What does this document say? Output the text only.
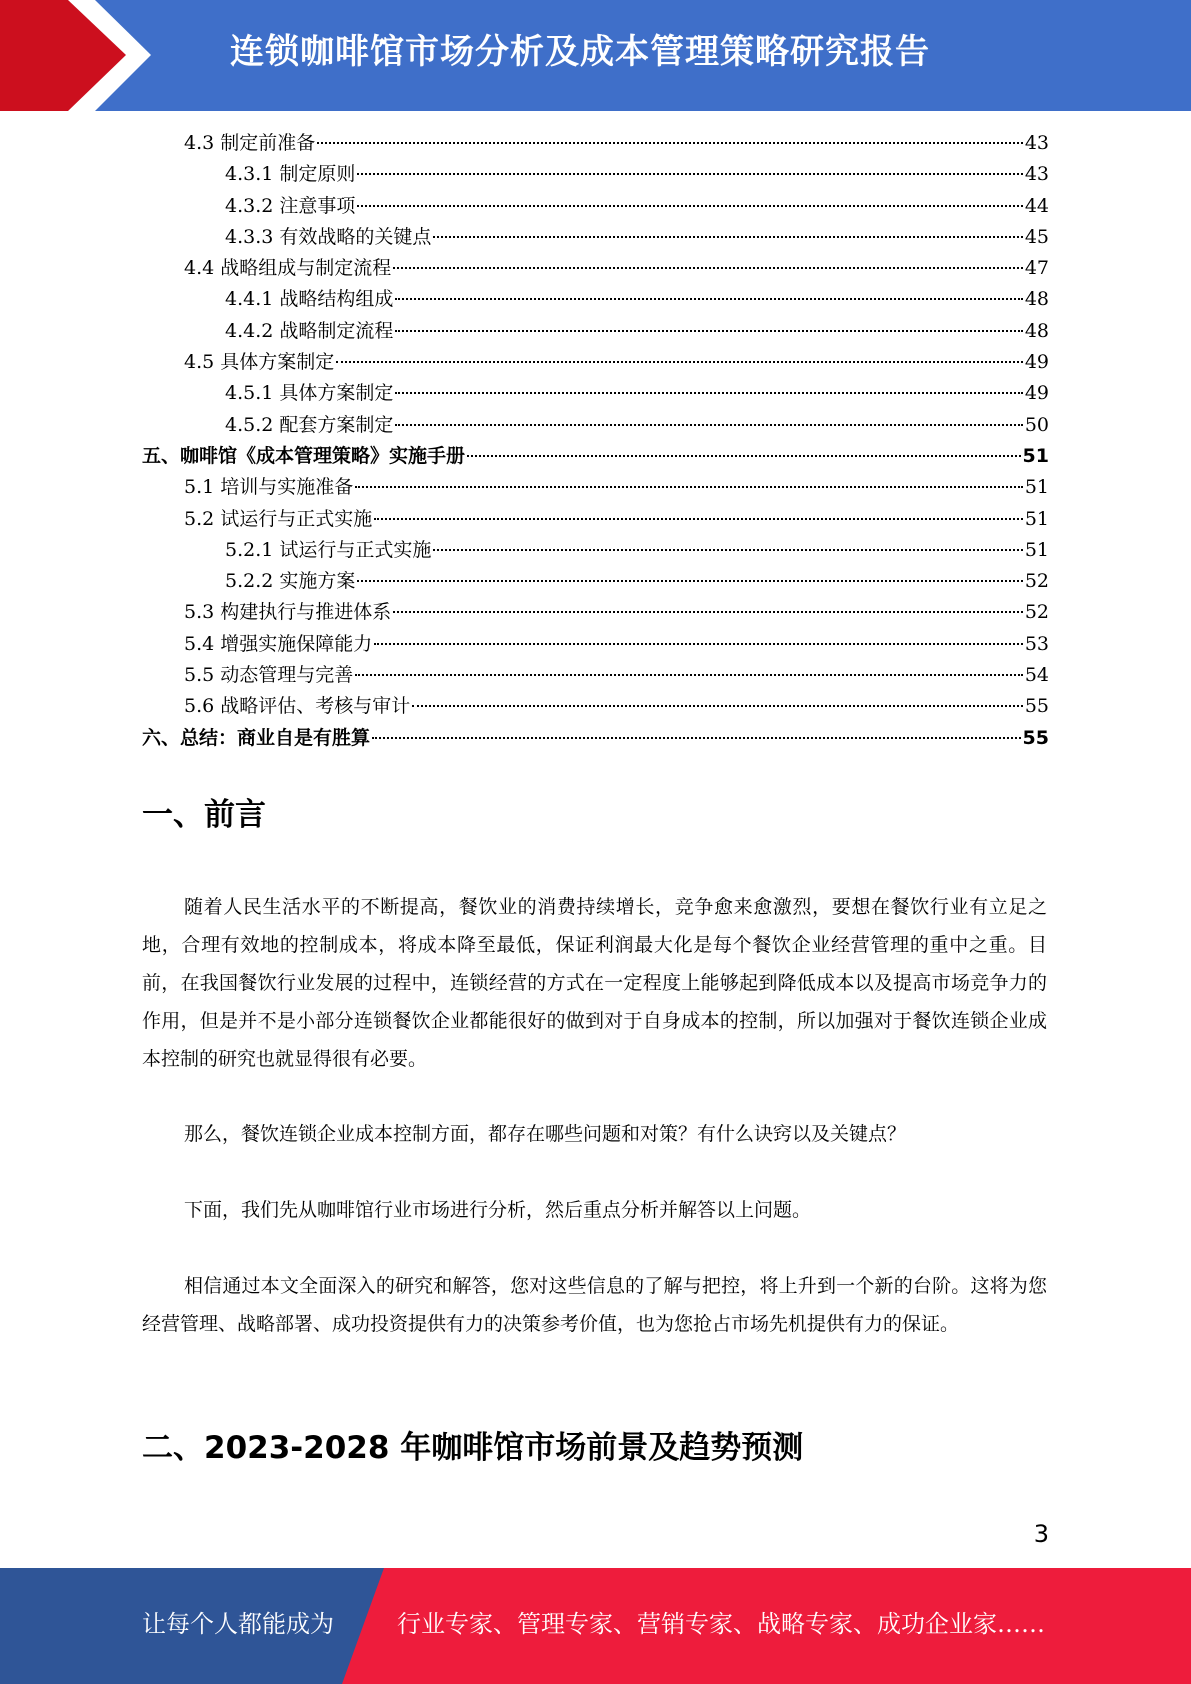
连锁咖啡馆市场分析及成本管理策略研究报告
4.3 制定前准备	43
4.3.1 制定原则	43
4.3.2 注意事项	44
4.3.3 有效战略的关键点	45
4.4 战略组成与制定流程	47
4.4.1 战略结构组成	48
4.4.2 战略制定流程	48
4.5 具体方案制定	49
4.5.1 具体方案制定	49
4.5.2 配套方案制定	50
五、咖啡馆《成本管理策略》实施手册	51
5.1 培训与实施准备	51
5.2 试运行与正式实施	51
5.2.1 试运行与正式实施	51
5.2.2 实施方案	52
5.3 构建执行与推进体系	52
5.4 增强实施保障能力	53
5.5 动态管理与完善	54
5.6 战略评估、考核与审计	55
六、总结：商业自是有胜算	55
一、前言
随着人民生活水平的不断提高，餐饮业的消费持续增长，竞争愈来愈激烈，要想在餐饮行业有立足之地，合理有效地的控制成本，将成本降至最低，保证利润最大化是每个餐饮企业经营管理的重中之重。目前，在我国餐饮行业发展的过程中，连锁经营的方式在一定程度上能够起到降低成本以及提高市场竞争力的作用，但是并不是小部分连锁餐饮企业都能很好的做到对于自身成本的控制，所以加强对于餐饮连锁企业成本控制的研究也就显得很有必要。
那么，餐饮连锁企业成本控制方面，都存在哪些问题和对策？有什么诀窍以及关键点？
下面，我们先从咖啡馆行业市场进行分析，然后重点分析并解答以上问题。
相信通过本文全面深入的研究和解答，您对这些信息的了解与把控，将上升到一个新的台阶。这将为您经营管理、战略部署、成功投资提供有力的决策参考价值，也为您抢占市场先机提供有力的保证。
二、2023-2028 年咖啡馆市场前景及趋势预测
3
让每个人都能成为	行业专家、管理专家、营销专家、战略专家、成功企业家……
